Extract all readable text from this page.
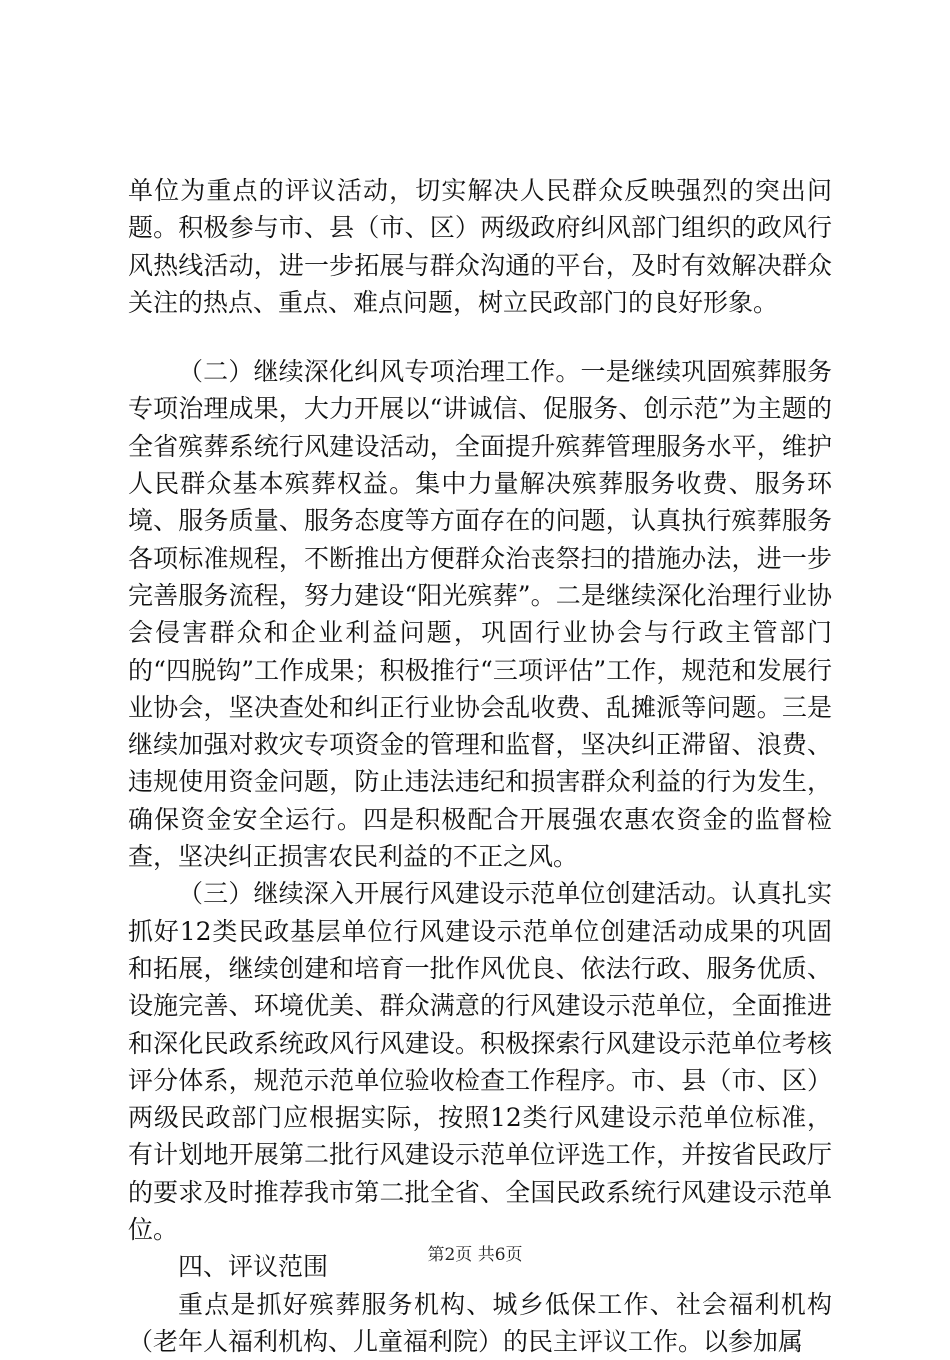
单位为重点的评议活动，切实解决人民群众反映强烈的突出问题。积极参与市、县（市、区）两级政府纠风部门组织的政风行风热线活动，进一步拓展与群众沟通的平台，及时有效解决群众关注的热点、重点、难点问题，树立民政部门的良好形象。

（二）继续深化纠风专项治理工作。一是继续巩固殡葬服务专项治理成果，大力开展以“讲诚信、促服务、创示范”为主题的全省殡葬系统行风建设活动，全面提升殡葬管理服务水平，维护人民群众基本殡葬权益。集中力量解决殡葬服务收费、服务环境、服务质量、服务态度等方面存在的问题，认真执行殡葬服务各项标准规程，不断推出方便群众治丧祭扫的措施办法，进一步完善服务流程，努力建设“阳光殡葬”。二是继续深化治理行业协会侵害群众和企业利益问题，巩固行业协会与行政主管部门的“四脱钩”工作成果；积极推行“三项评估”工作，规范和发展行业协会，坚决查处和纠正行业协会乱收费、乱摊派等问题。三是继续加强对救灾专项资金的管理和监督，坚决纠正滞留、浪费、违规使用资金问题，防止违法违纪和损害群众利益的行为发生，确保资金安全运行。四是积极配合开展强农惠农资金的监督检查，坚决纠正损害农民利益的不正之风。

（三）继续深入开展行风建设示范单位创建活动。认真扎实抓好12类民政基层单位行风建设示范单位创建活动成果的巩固和拓展，继续创建和培育一批作风优良、依法行政、服务优质、设施完善、环境优美、群众满意的行风建设示范单位，全面推进和深化民政系统政风行风建设。积极探索行风建设示范单位考核评分体系，规范示范单位验收检查工作程序。市、县（市、区）两级民政部门应根据实际，按照12类行风建设示范单位标准，有计划地开展第二批行风建设示范单位评选工作，并按省民政厅的要求及时推荐我市第二批全省、全国民政系统行风建设示范单位。

四、评议范围

重点是抓好殡葬服务机构、城乡低保工作、社会福利机构（老年人福利机构、儿童福利院）的民主评议工作。以参加属

第2页 共6页
